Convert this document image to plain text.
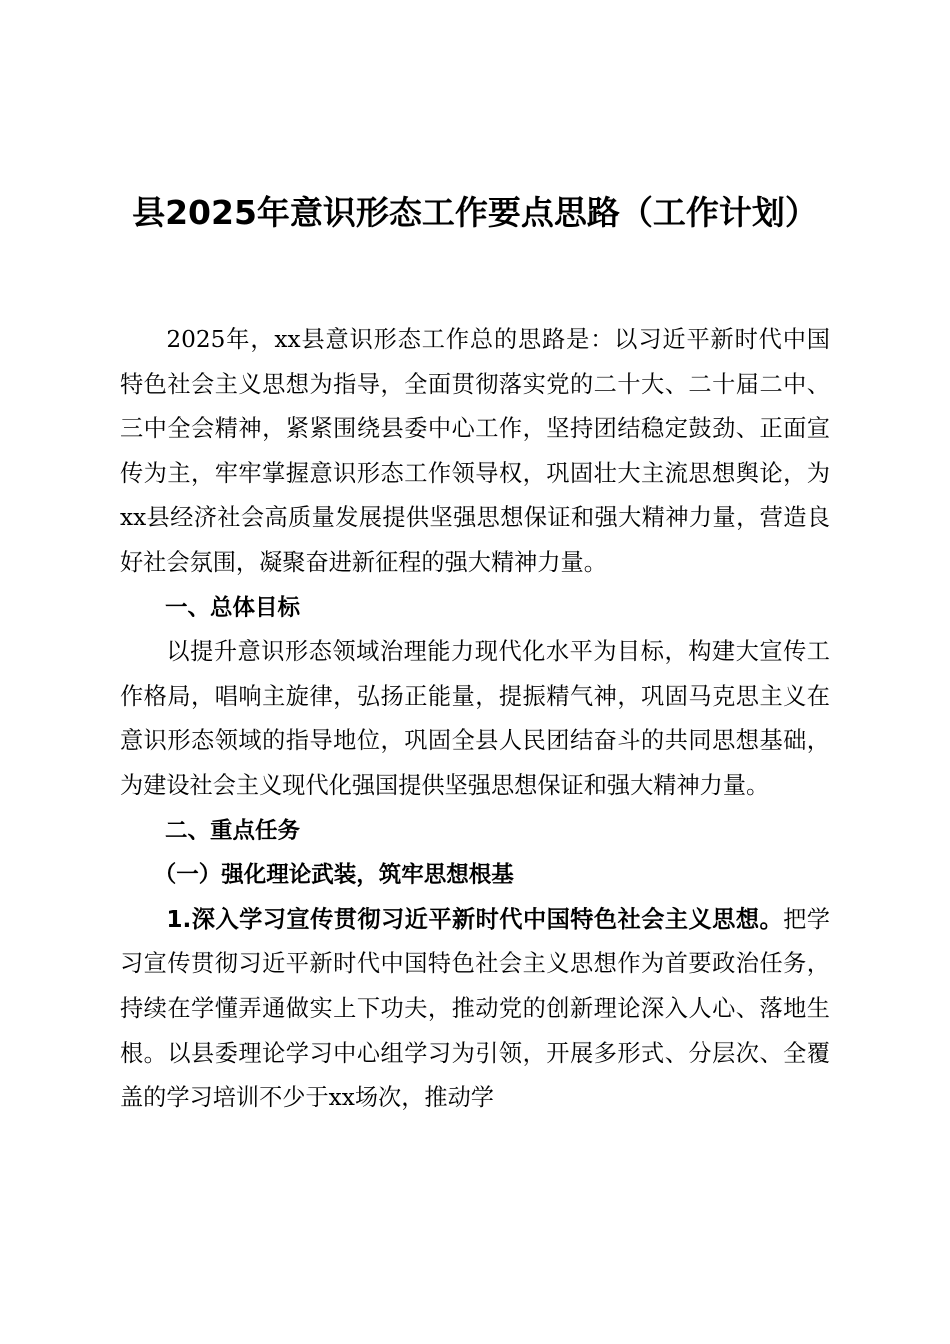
县2025年意识形态工作要点思路（工作计划）

2025年，xx县意识形态工作总的思路是：以习近平新时代中国特色社会主义思想为指导，全面贯彻落实党的二十大、二十届二中、三中全会精神，紧紧围绕县委中心工作，坚持团结稳定鼓劲、正面宣传为主，牢牢掌握意识形态工作领导权，巩固壮大主流思想舆论，为xx县经济社会高质量发展提供坚强思想保证和强大精神力量，营造良好社会氛围，凝聚奋进新征程的强大精神力量。

一、总体目标

以提升意识形态领域治理能力现代化水平为目标，构建大宣传工作格局，唱响主旋律，弘扬正能量，提振精气神，巩固马克思主义在意识形态领域的指导地位，巩固全县人民团结奋斗的共同思想基础，为建设社会主义现代化强国提供坚强思想保证和强大精神力量。

二、重点任务

（一）强化理论武装，筑牢思想根基

1.深入学习宣传贯彻习近平新时代中国特色社会主义思想。把学习宣传贯彻习近平新时代中国特色社会主义思想作为首要政治任务，持续在学懂弄通做实上下功夫，推动党的创新理论深入人心、落地生根。以县委理论学习中心组学习为引领，开展多形式、分层次、全覆盖的学习培训不少于xx场次，推动学
